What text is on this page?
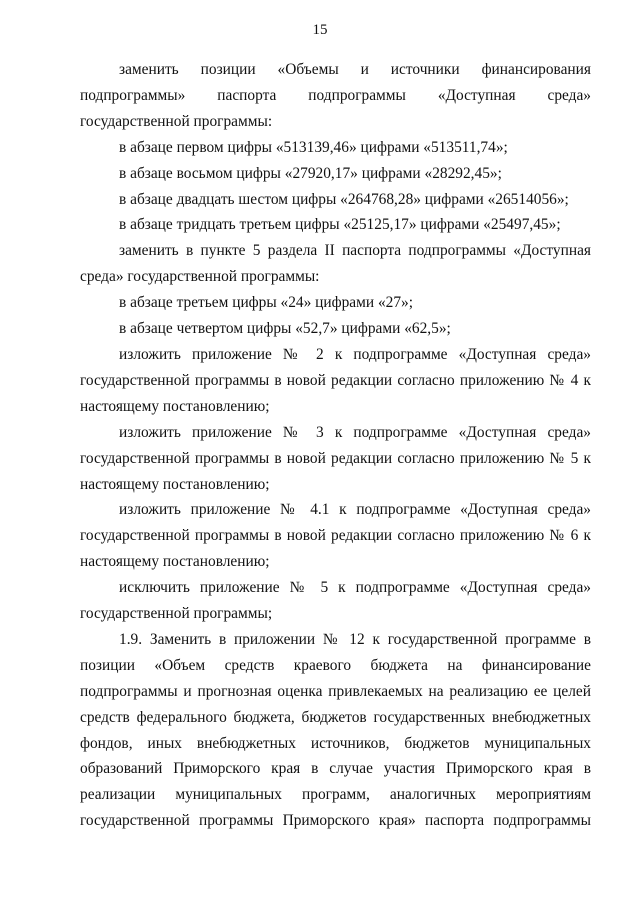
15

заменить позиции «Объемы и источники финансирования подпрограммы» паспорта подпрограммы «Доступная среда» государственной программы:

в абзаце первом цифры «513139,46» цифрами «513511,74»;

в абзаце восьмом цифры «27920,17» цифрами «28292,45»;

в абзаце двадцать шестом цифры «264768,28» цифрами «26514056»;

в абзаце тридцать третьем цифры «25125,17» цифрами «25497,45»;

заменить в пункте 5 раздела II паспорта подпрограммы «Доступная среда» государственной программы:

в абзаце третьем цифры «24» цифрами «27»;

в абзаце четвертом цифры «52,7» цифрами «62,5»;

изложить приложение № 2 к подпрограмме «Доступная среда» государственной программы в новой редакции согласно приложению № 4 к настоящему постановлению;

изложить приложение № 3 к подпрограмме «Доступная среда» государственной программы в новой редакции согласно приложению № 5 к настоящему постановлению;

изложить приложение № 4.1 к подпрограмме «Доступная среда» государственной программы в новой редакции согласно приложению № 6 к настоящему постановлению;

исключить приложение № 5 к подпрограмме «Доступная среда» государственной программы;

1.9. Заменить в приложении № 12 к государственной программе в позиции «Объем средств краевого бюджета на финансирование подпрограммы и прогнозная оценка привлекаемых на реализацию ее целей средств федерального бюджета, бюджетов государственных внебюджетных фондов, иных внебюджетных источников, бюджетов муниципальных образований Приморского края в случае участия Приморского края в реализации муниципальных программ, аналогичных мероприятиям государственной программы Приморского края» паспорта подпрограммы
